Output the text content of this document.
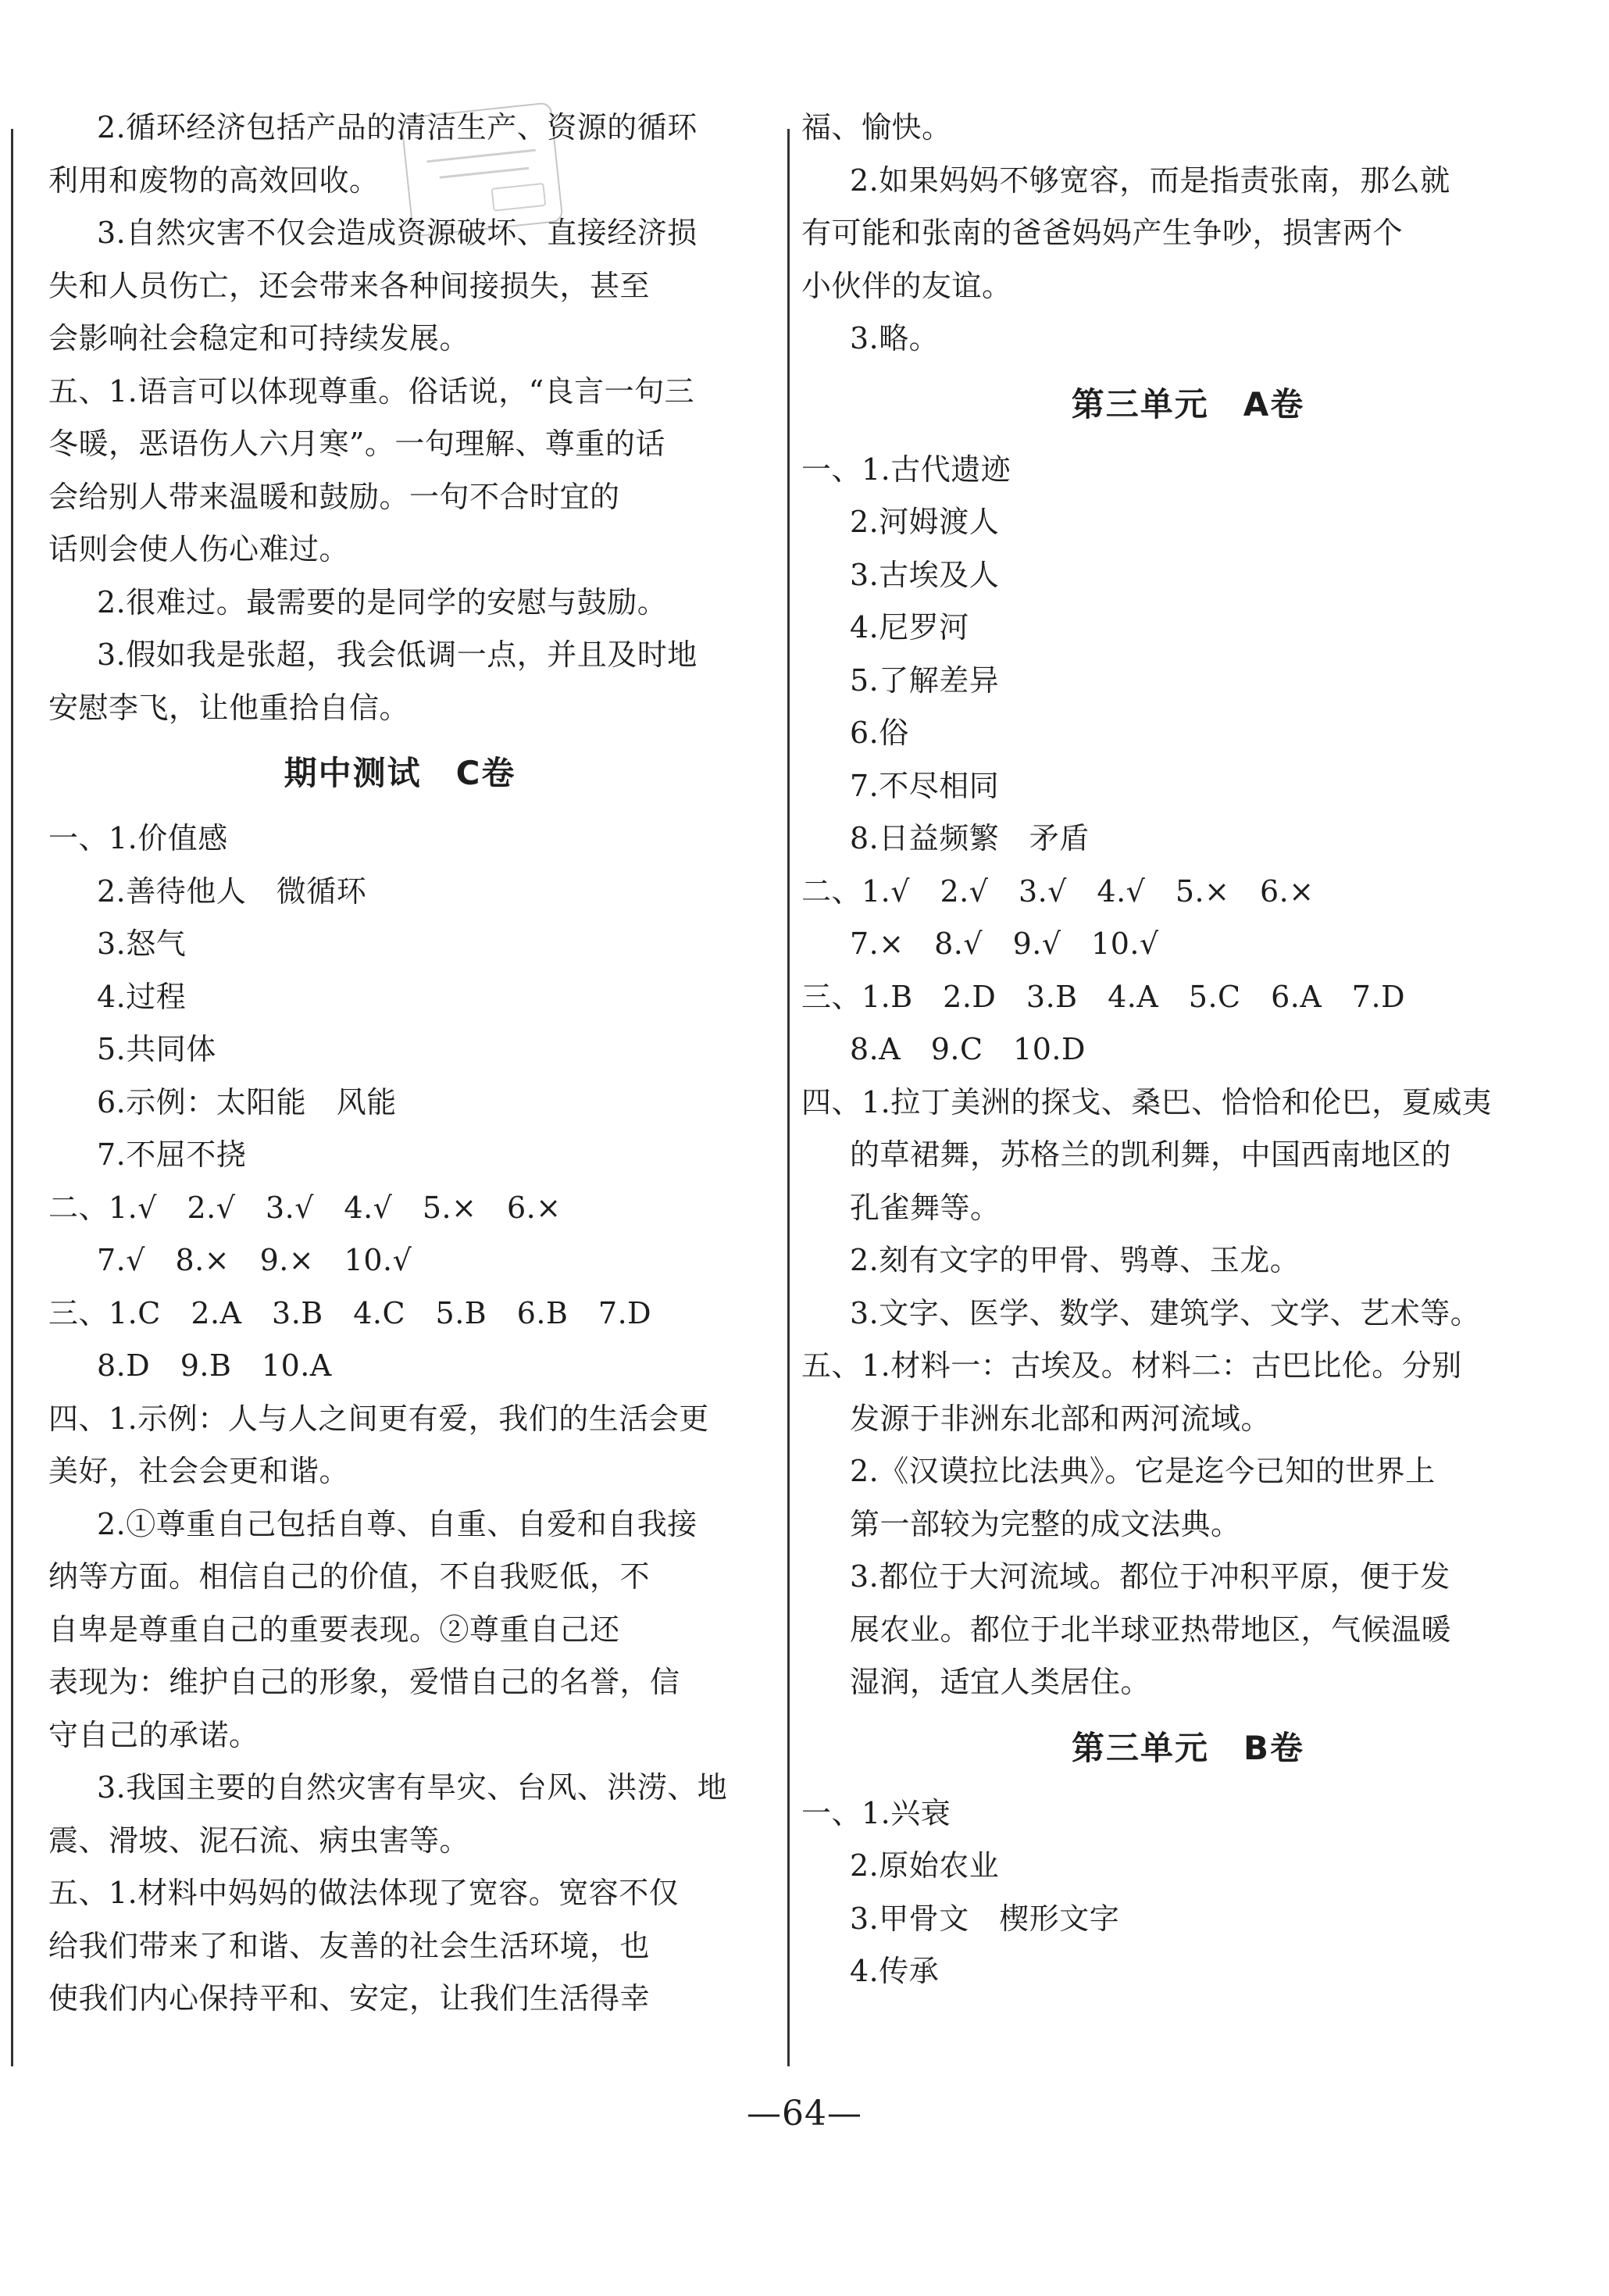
2.循环经济包括产品的清洁生产、资源的循环
利用和废物的高效回收。
3.自然灾害不仅会造成资源破坏、直接经济损
失和人员伤亡，还会带来各种间接损失，甚至
会影响社会稳定和可持续发展。
五、1.语言可以体现尊重。俗话说，“良言一句三
冬暖，恶语伤人六月寒”。一句理解、尊重的话
会给别人带来温暖和鼓励。一句不合时宜的
话则会使人伤心难过。
2.很难过。最需要的是同学的安慰与鼓励。
3.假如我是张超，我会低调一点，并且及时地
安慰李飞，让他重拾自信。
期中测试　C卷
一、1.价值感
2.善待他人　微循环
3.怒气
4.过程
5.共同体
6.示例：太阳能　风能
7.不屈不挠
二、1.√　2.√　3.√　4.√　5.×　6.×
7.√　8.×　9.×　10.√
三、1.C　2.A　3.B　4.C　5.B　6.B　7.D
8.D　9.B　10.A
四、1.示例：人与人之间更有爱，我们的生活会更
美好，社会会更和谐。
2.①尊重自己包括自尊、自重、自爱和自我接
纳等方面。相信自己的价值，不自我贬低，不
自卑是尊重自己的重要表现。②尊重自己还
表现为：维护自己的形象，爱惜自己的名誉，信
守自己的承诺。
3.我国主要的自然灾害有旱灾、台风、洪涝、地
震、滑坡、泥石流、病虫害等。
五、1.材料中妈妈的做法体现了宽容。宽容不仅
给我们带来了和谐、友善的社会生活环境，也
使我们内心保持平和、安定，让我们生活得幸
福、愉快。
2.如果妈妈不够宽容，而是指责张南，那么就
有可能和张南的爸爸妈妈产生争吵，损害两个
小伙伴的友谊。
3.略。
第三单元　A卷
一、1.古代遗迹
2.河姆渡人
3.古埃及人
4.尼罗河
5.了解差异
6.俗
7.不尽相同
8.日益频繁　矛盾
二、1.√　2.√　3.√　4.√　5.×　6.×
7.×　8.√　9.√　10.√
三、1.B　2.D　3.B　4.A　5.C　6.A　7.D
8.A　9.C　10.D
四、1.拉丁美洲的探戈、桑巴、恰恰和伦巴，夏威夷
的草裙舞，苏格兰的凯利舞，中国西南地区的
孔雀舞等。
2.刻有文字的甲骨、鸮尊、玉龙。
3.文字、医学、数学、建筑学、文学、艺术等。
五、1.材料一：古埃及。材料二：古巴比伦。分别
发源于非洲东北部和两河流域。
2.《汉谟拉比法典》。它是迄今已知的世界上
第一部较为完整的成文法典。
3.都位于大河流域。都位于冲积平原，便于发
展农业。都位于北半球亚热带地区，气候温暖
湿润，适宜人类居住。
第三单元　B卷
一、1.兴衰
2.原始农业
3.甲骨文　楔形文字
4.传承
—64—
